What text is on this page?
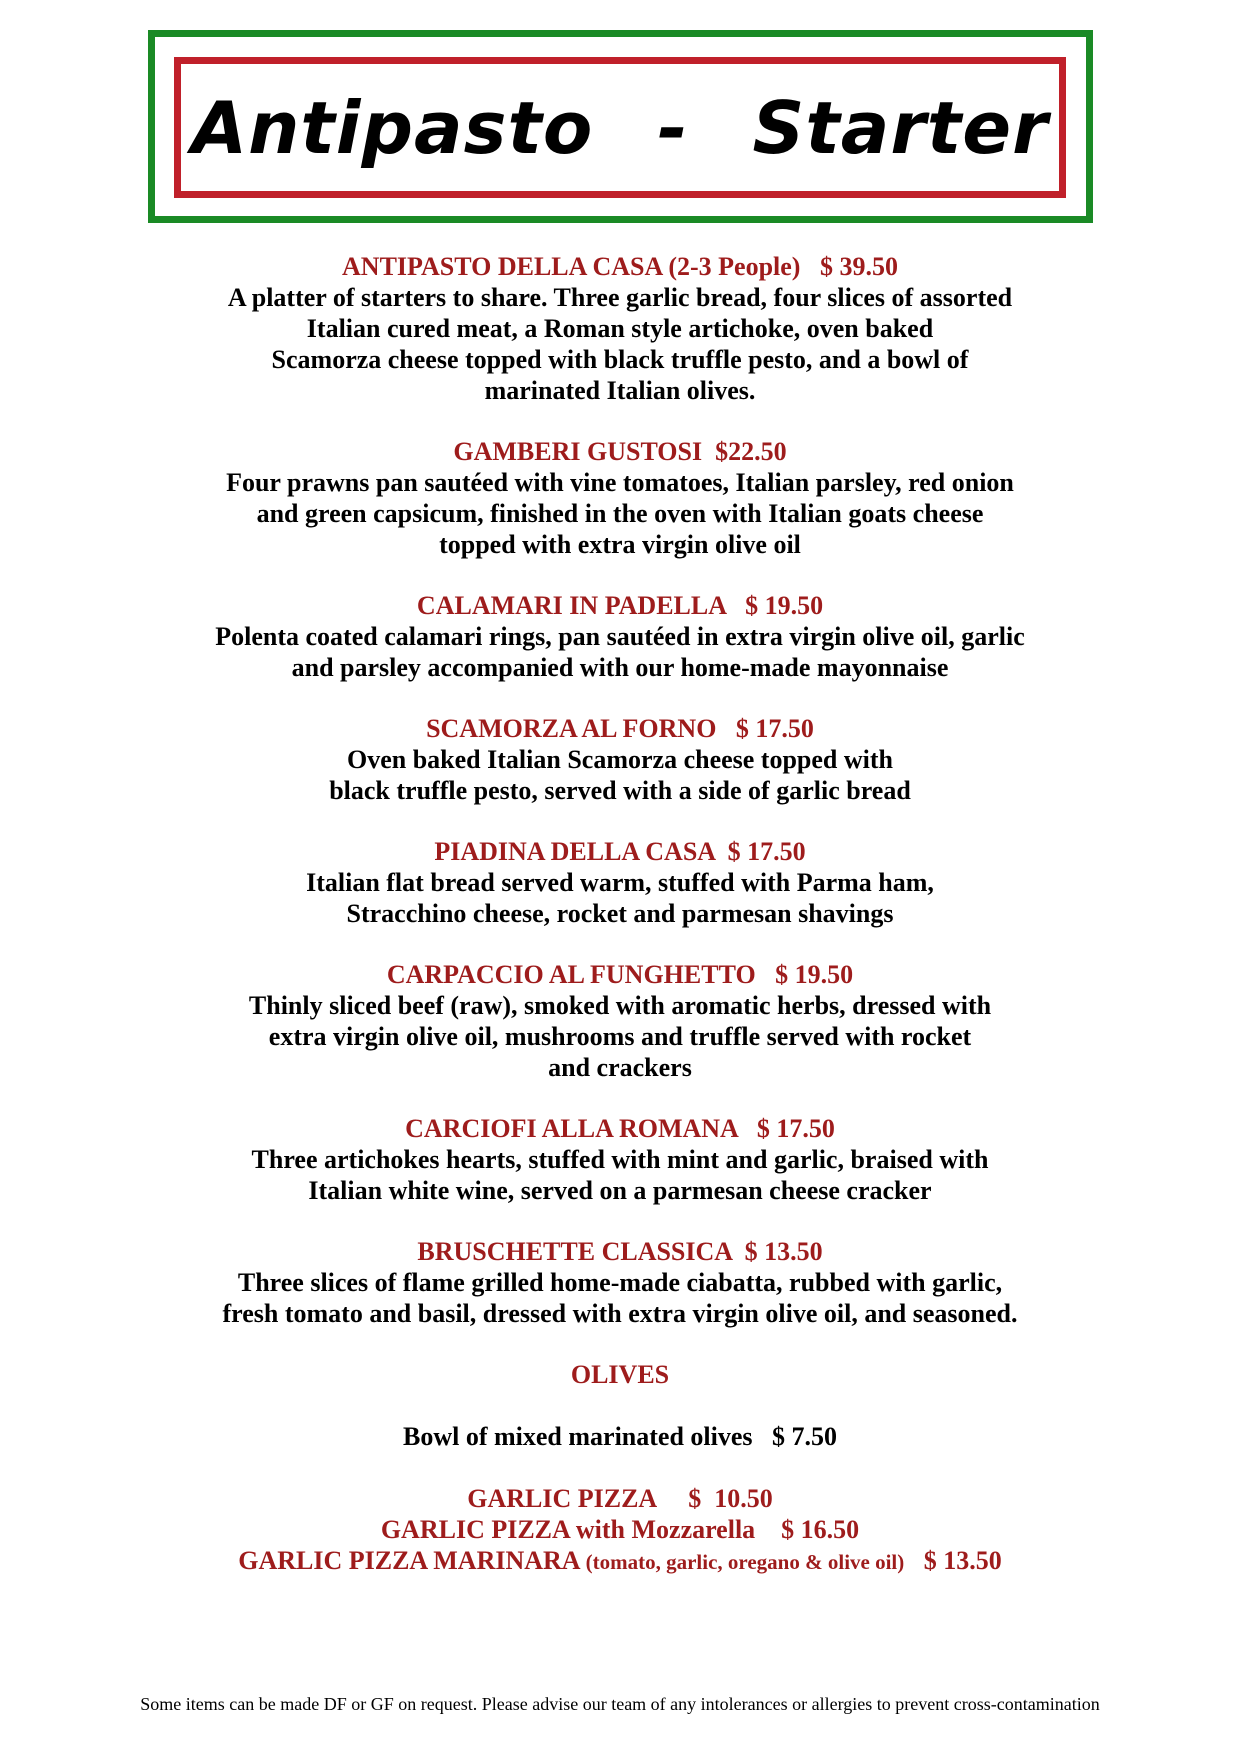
Antipasto  -  Starter
ANTIPASTO DELLA CASA (2-3 People)   $ 39.50
A platter of starters to share. Three garlic bread, four slices of assorted
Italian cured meat, a Roman style artichoke, oven baked
Scamorza cheese topped with black truffle pesto, and a bowl of
marinated Italian olives.
GAMBERI GUSTOSI  $22.50
Four prawns pan sautéed with vine tomatoes, Italian parsley, red onion
and green capsicum, finished in the oven with Italian goats cheese
topped with extra virgin olive oil
CALAMARI IN PADELLA   $ 19.50
Polenta coated calamari rings, pan sautéed in extra virgin olive oil, garlic
and parsley accompanied with our home-made mayonnaise
SCAMORZA AL FORNO   $ 17.50
Oven baked Italian Scamorza cheese topped with
black truffle pesto, served with a side of garlic bread
PIADINA DELLA CASA  $ 17.50
Italian flat bread served warm, stuffed with Parma ham,
Stracchino cheese, rocket and parmesan shavings
CARPACCIO AL FUNGHETTO   $ 19.50
Thinly sliced beef (raw), smoked with aromatic herbs, dressed with
extra virgin olive oil, mushrooms and truffle served with rocket
and crackers
CARCIOFI ALLA ROMANA   $ 17.50
Three artichokes hearts, stuffed with mint and garlic, braised with
Italian white wine, served on a parmesan cheese cracker
BRUSCHETTE CLASSICA  $ 13.50
Three slices of flame grilled home-made ciabatta, rubbed with garlic,
fresh tomato and basil, dressed with extra virgin olive oil, and seasoned.
OLIVES

Bowl of mixed marinated olives $ 7.50

GARLIC PIZZA     $  10.50
GARLIC PIZZA with Mozzarella    $ 16.50
GARLIC PIZZA MARINARA (tomato, garlic, oregano & olive oil)   $ 13.50
Some items can be made DF or GF on request. Please advise our team of any intolerances or allergies to prevent cross-contamination
